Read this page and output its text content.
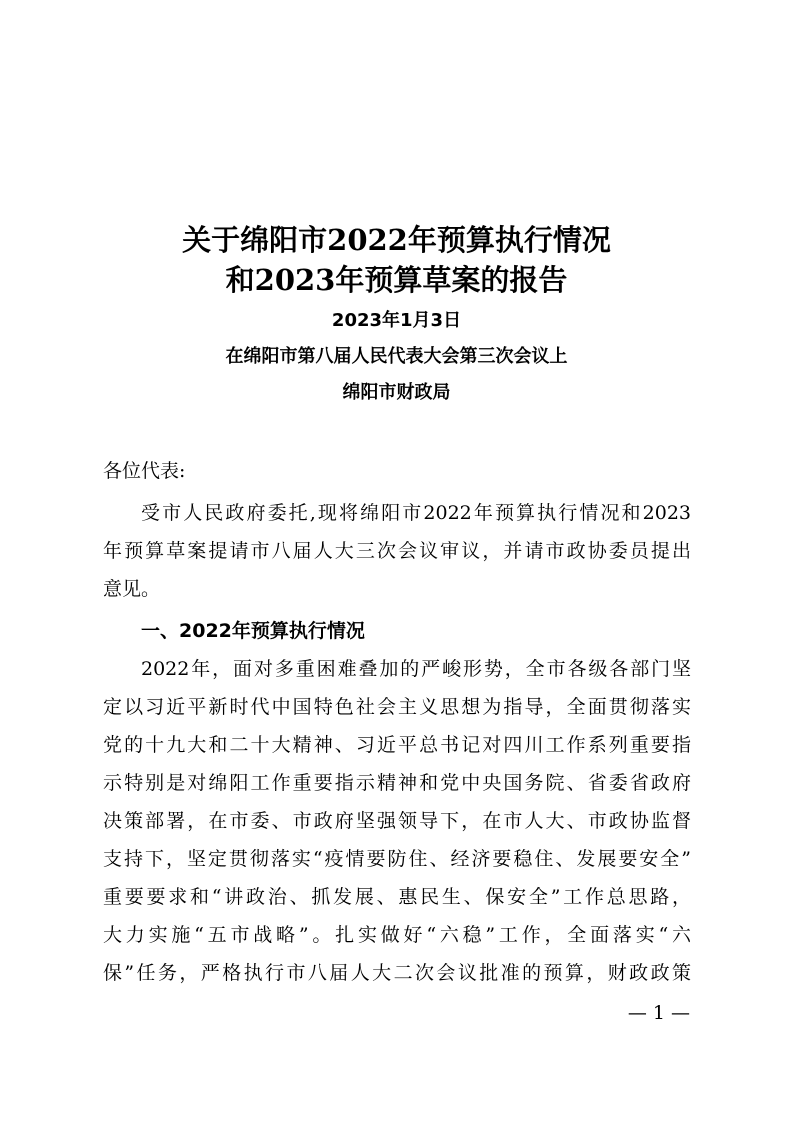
关于绵阳市2022年预算执行情况
和2023年预算草案的报告
2023年1月3日
在绵阳市第八届人民代表大会第三次会议上
绵阳市财政局
各位代表:
受市人民政府委托,现将绵阳市2022年预算执行情况和2023
年预算草案提请市八届人大三次会议审议，并请市政协委员提出
意见。
一、2022年预算执行情况
2022年，面对多重困难叠加的严峻形势，全市各级各部门坚
定以习近平新时代中国特色社会主义思想为指导，全面贯彻落实
党的十九大和二十大精神、习近平总书记对四川工作系列重要指
示特别是对绵阳工作重要指示精神和党中央国务院、省委省政府
决策部署，在市委、市政府坚强领导下，在市人大、市政协监督
支持下，坚定贯彻落实“疫情要防住、经济要稳住、发展要安全”
重要要求和“讲政治、抓发展、惠民生、保安全”工作总思路，
大力实施“五市战略”。扎实做好“六稳”工作，全面落实“六
保”任务，严格执行市八届人大二次会议批准的预算，财政政策
— 1 —
